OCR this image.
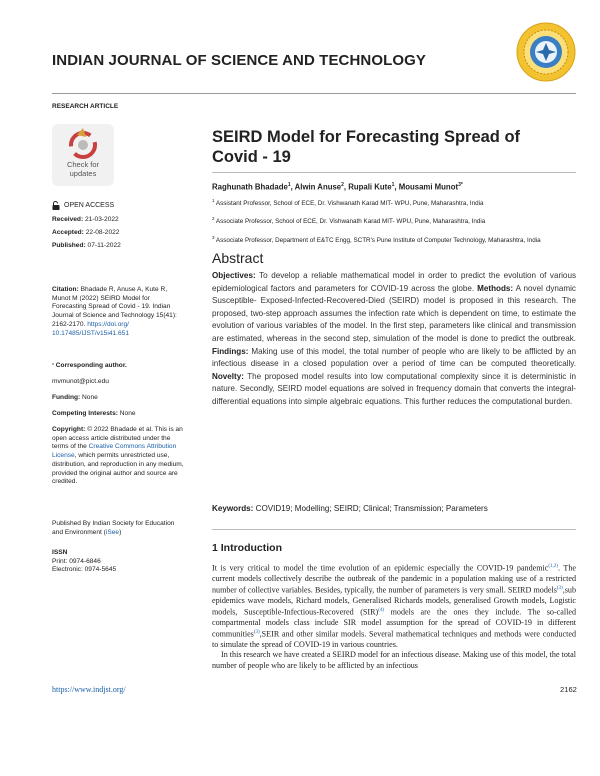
INDIAN JOURNAL OF SCIENCE AND TECHNOLOGY
RESEARCH ARTICLE
Check for
updates
SEIRD Model for Forecasting Spread of Covid - 19
Raghunath Bhadade$^1$, Alwin Anuse$^2$, Rupali Kute$^1$, Mousami Munot$^{3*}$
$^1$ Assistant Professor, School of ECE, Dr. Vishwanath Karad MIT- WPU, Pune, Maharashtra, India
$^2$ Associate Professor, School of ECE, Dr. Vishwanath Karad MIT- WPU, Pune, Maharashtra, India
$^3$ Associate Professor, Department of E&TC Engg, SCTR's Pune Institute of Computer Technology, Maharashtra, India
OPEN ACCESS
Received: 21-03-2022
Accepted: 22-08-2022
Published: 07-11-2022
Citation: Bhadade R, Anuse A, Kute R, Munot M (2022) SEIRD Model for Forecasting Spread of Covid - 19. Indian Journal of Science and Technology 15(41): 2162-2170. https://doi.org/ 10.17485/IJST/v15i41.651
* Corresponding author.
mvmunot@pict.edu
Funding: None
Competing Interests: None
Copyright: © 2022 Bhadade et al. This is an open access article distributed under the terms of the Creative Commons Attribution License, which permits unrestricted use, distribution, and reproduction in any medium, provided the original author and source are credited.
Published By Indian Society for Education and Environment (iSee)
ISSN
Print: 0974-6846
Electronic: 0974-5645
Abstract
Objectives: To develop a reliable mathematical model in order to predict the evolution of various epidemiological factors and parameters for COVID-19 across the globe. Methods: A novel dynamic Susceptible- Exposed-Infected-Recovered-Died (SEIRD) model is proposed in this research. The proposed, two-step approach assumes the infection rate which is dependent on time, to estimate the evolution of various variables of the model. In the first step, parameters like clinical and transmission are estimated, whereas in the second step, simulation of the model is done to predict the outbreak. Findings: Making use of this model, the total number of people who are likely to be afflicted by an infectious disease in a closed population over a period of time can be computed theoretically. Novelty: The proposed model results into low computational complexity since it is deterministic in nature. Secondly, SEIRD model equations are solved in frequency domain that converts the integral-differential equations into simple algebraic equations. This further reduces the computational burden.
Keywords: COVID19; Modelling; SEIRD; Clinical; Transmission; Parameters
1 Introduction

It is very critical to model the time evolution of an epidemic especially the COVID-19 pandemic$^{(1,2)}$. The current models collectively describe the outbreak of the pandemic in a population making use of a restricted number of collective variables. Besides, typically, the number of parameters is very small. SEIRD models$^{(3)}$,sub epidemics wave models, Richard models, Generalised Richards models, generalised Growth models, Logistic models, Susceptible-Infectious-Recovered (SIR)$^{(4)}$ models are the ones they include. The so-called compartmental models class include SIR model assumption for the spread of COVID-19 in different communities$^{(3)}$,SEIR and other similar models. Several mathematical techniques and methods were conducted to simulate the spread of COVID-19 in various countries.

In this research we have created a SEIRD model for an infectious disease. Making use of this model, the total number of people who are likely to be afflicted by an infectious

https://www.indjst.org/	2162
